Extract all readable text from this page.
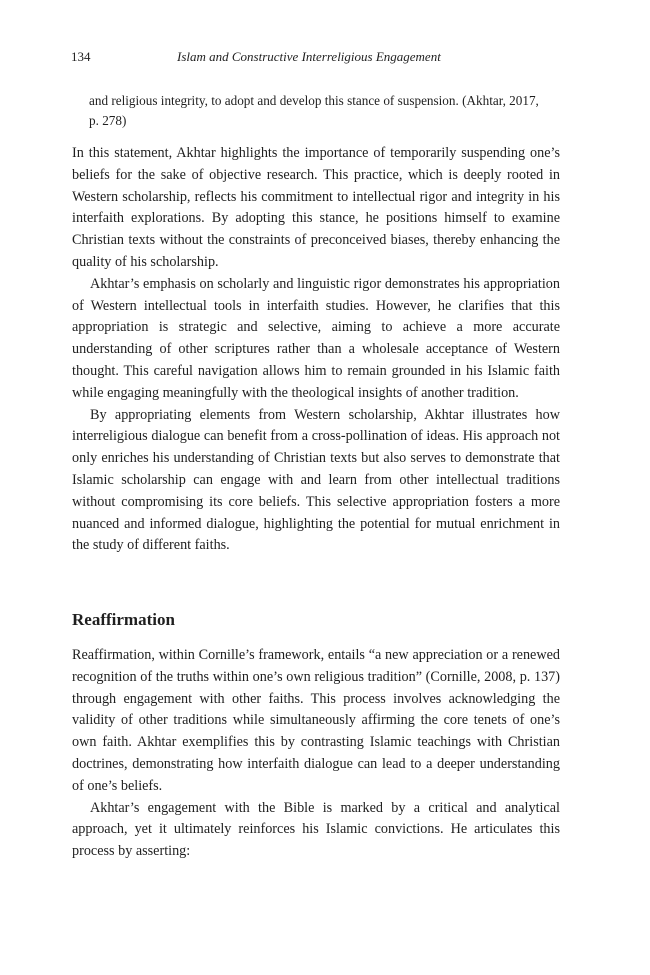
134	Islam and Constructive Interreligious Engagement
and religious integrity, to adopt and develop this stance of suspension. (Akhtar, 2017, p. 278)

In this statement, Akhtar highlights the importance of temporarily suspending one’s beliefs for the sake of objective research. This practice, which is deeply rooted in Western scholarship, reflects his commitment to intellectual rigor and integrity in his interfaith explorations. By adopting this stance, he positions himself to examine Christian texts without the constraints of preconceived biases, thereby enhancing the quality of his scholarship.

Akhtar’s emphasis on scholarly and linguistic rigor demonstrates his appropriation of Western intellectual tools in interfaith studies. However, he clarifies that this appropriation is strategic and selective, aiming to achieve a more accurate understanding of other scriptures rather than a wholesale acceptance of Western thought. This careful navigation allows him to remain grounded in his Islamic faith while engaging meaningfully with the theological insights of another tradition.

By appropriating elements from Western scholarship, Akhtar illustrates how interreligious dialogue can benefit from a cross-pollination of ideas. His approach not only enriches his understanding of Christian texts but also serves to demonstrate that Islamic scholarship can engage with and learn from other intellectual traditions without compromising its core beliefs. This selective appropriation fosters a more nuanced and informed dialogue, highlighting the potential for mutual enrichment in the study of different faiths.

Reaffirmation

Reaffirmation, within Cornille’s framework, entails “a new appreciation or a renewed recognition of the truths within one’s own religious tradition” (Cornille, 2008, p. 137) through engagement with other faiths. This process involves acknowledging the validity of other traditions while simultaneously affirming the core tenets of one’s own faith. Akhtar exemplifies this by contrasting Islamic teachings with Christian doctrines, demonstrating how interfaith dialogue can lead to a deeper understanding of one’s beliefs.

Akhtar’s engagement with the Bible is marked by a critical and analytical approach, yet it ultimately reinforces his Islamic convictions. He articulates this process by asserting:
